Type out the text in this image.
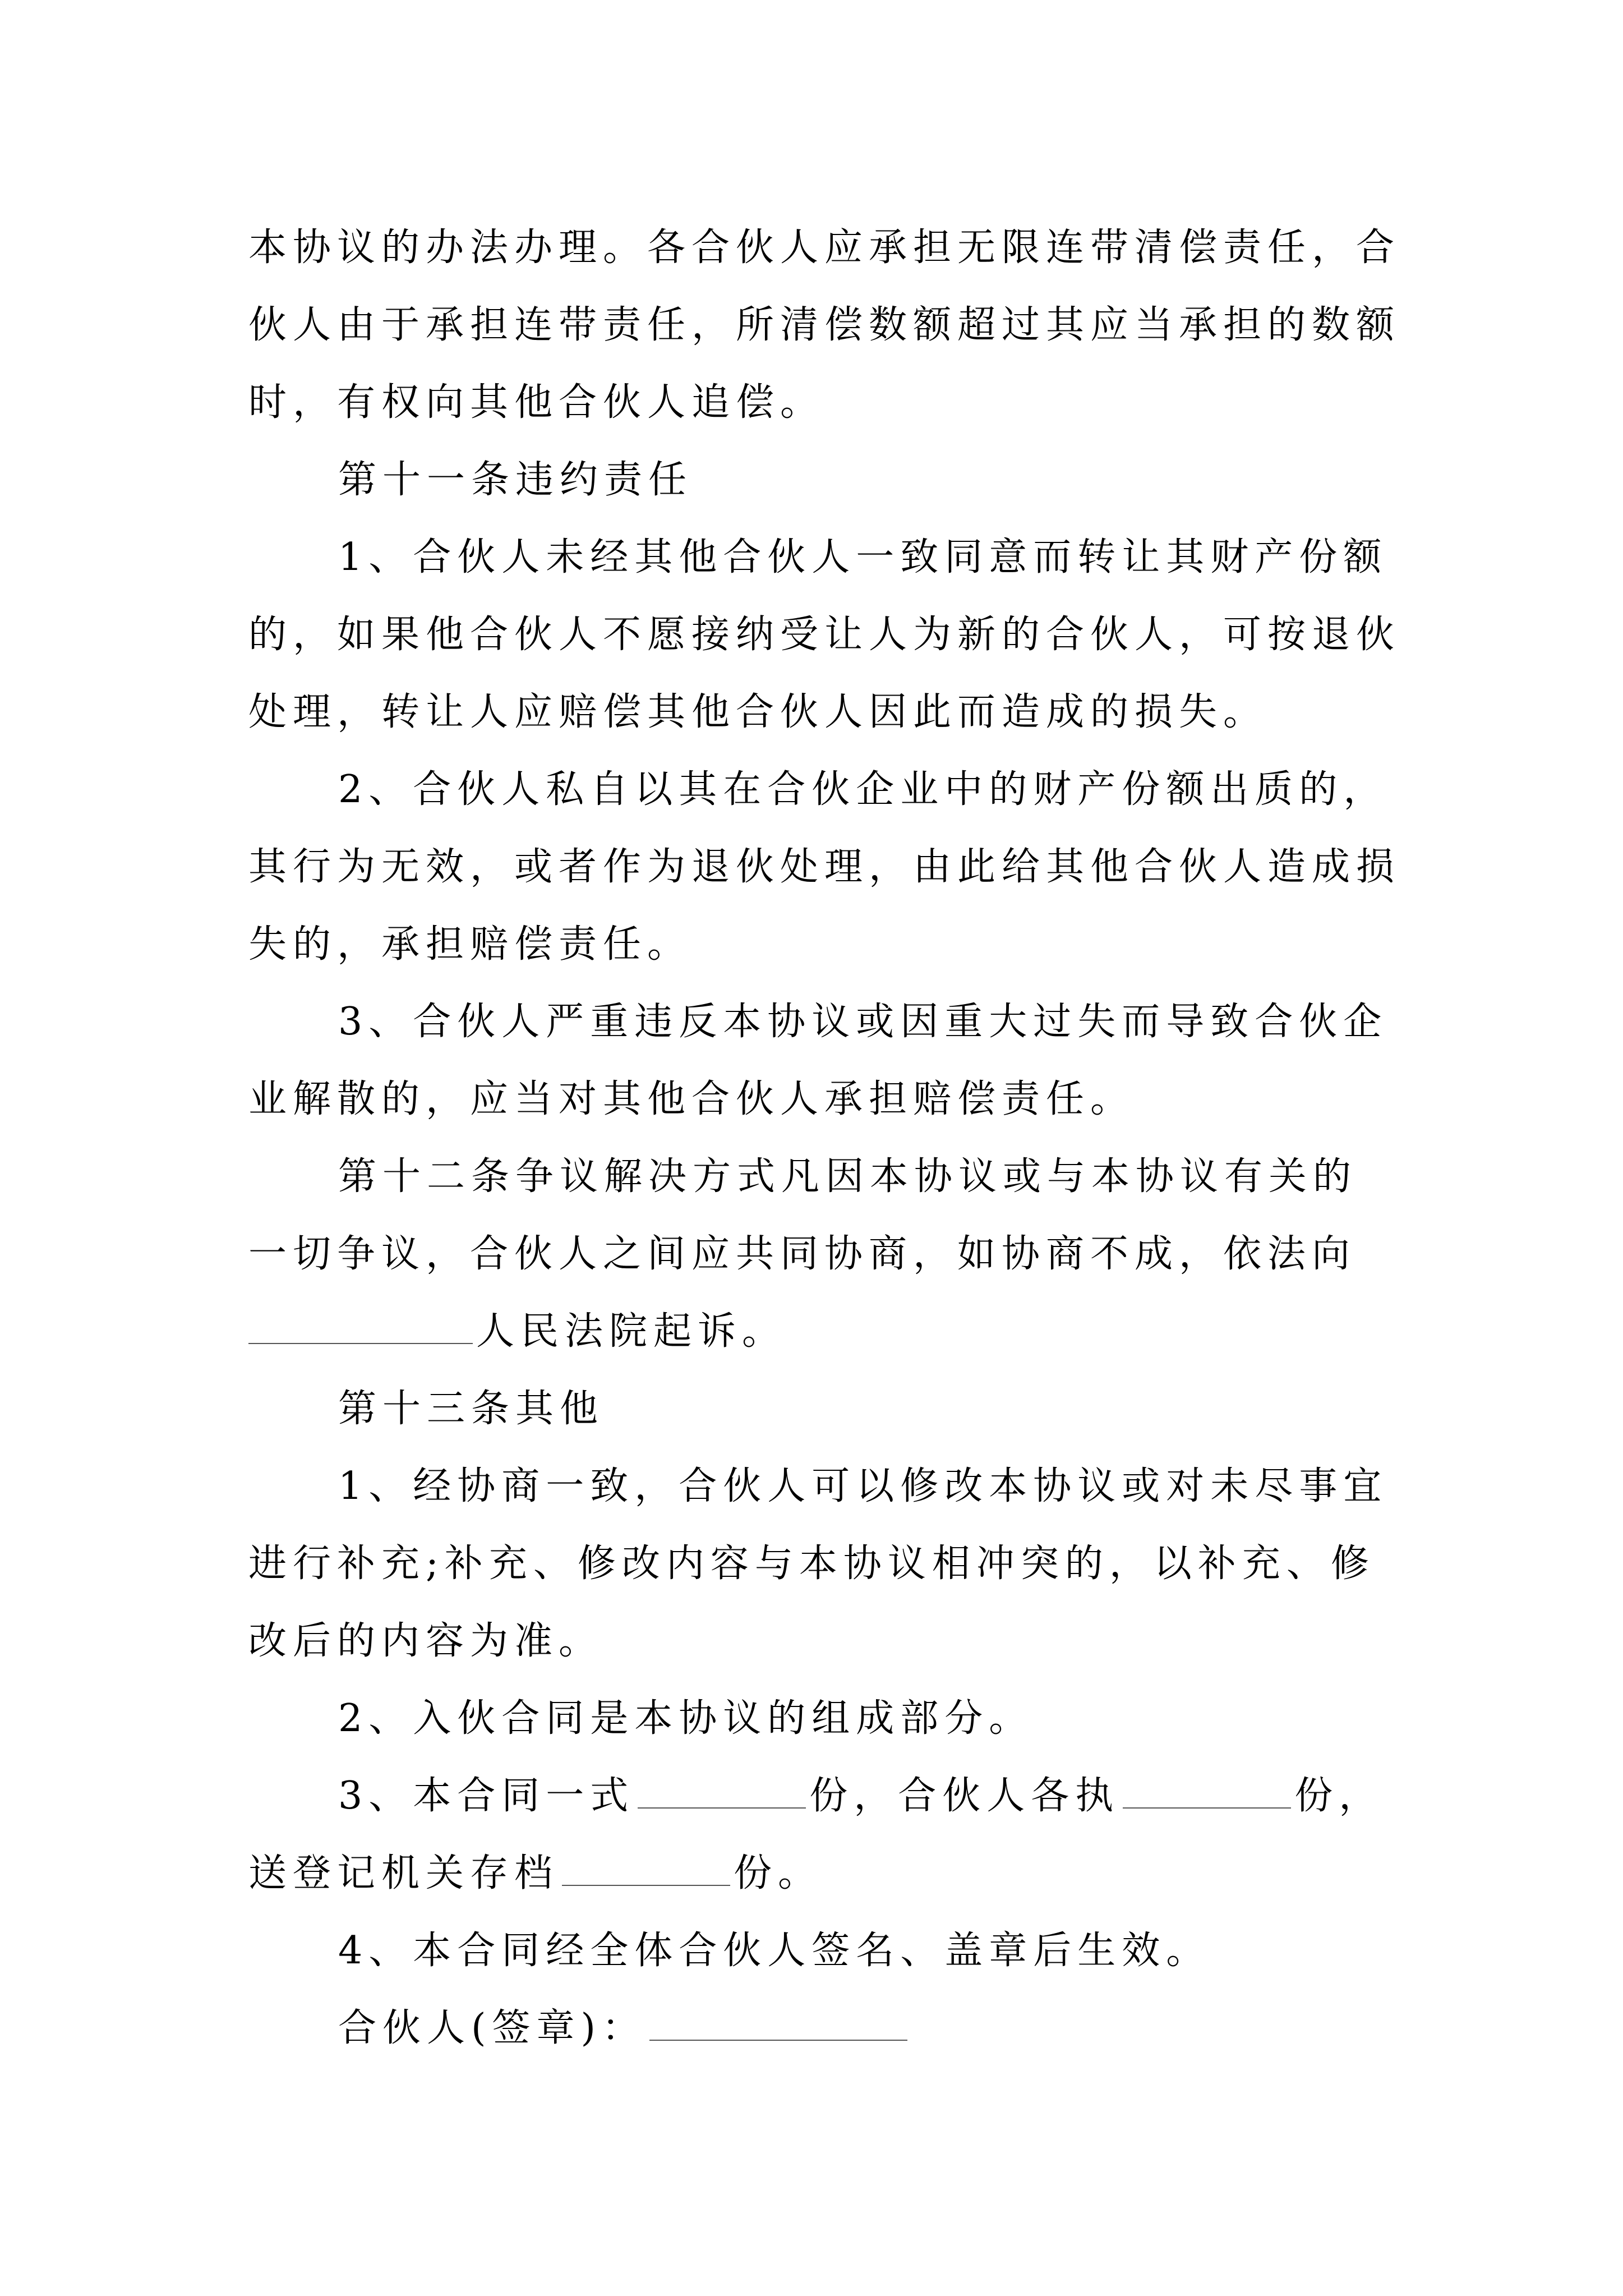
本协议的办法办理。各合伙人应承担无限连带清偿责任，合
伙人由于承担连带责任，所清偿数额超过其应当承担的数额
时，有权向其他合伙人追偿。
第十一条违约责任
1、合伙人未经其他合伙人一致同意而转让其财产份额
的，如果他合伙人不愿接纳受让人为新的合伙人，可按退伙
处理，转让人应赔偿其他合伙人因此而造成的损失。
2、合伙人私自以其在合伙企业中的财产份额出质的，
其行为无效，或者作为退伙处理，由此给其他合伙人造成损
失的，承担赔偿责任。
3、合伙人严重违反本协议或因重大过失而导致合伙企
业解散的，应当对其他合伙人承担赔偿责任。
第十二条争议解决方式凡因本协议或与本协议有关的
一切争议，合伙人之间应共同协商，如协商不成，依法向
人民法院起诉。
第十三条其他
1、经协商一致，合伙人可以修改本协议或对未尽事宜
进行补充;补充、修改内容与本协议相冲突的，以补充、修
改后的内容为准。
2、入伙合同是本协议的组成部分。
3、本合同一式	份，合伙人各执	份，
送登记机关存档	份。
4、本合同经全体合伙人签名、盖章后生效。
合伙人(签章)：
